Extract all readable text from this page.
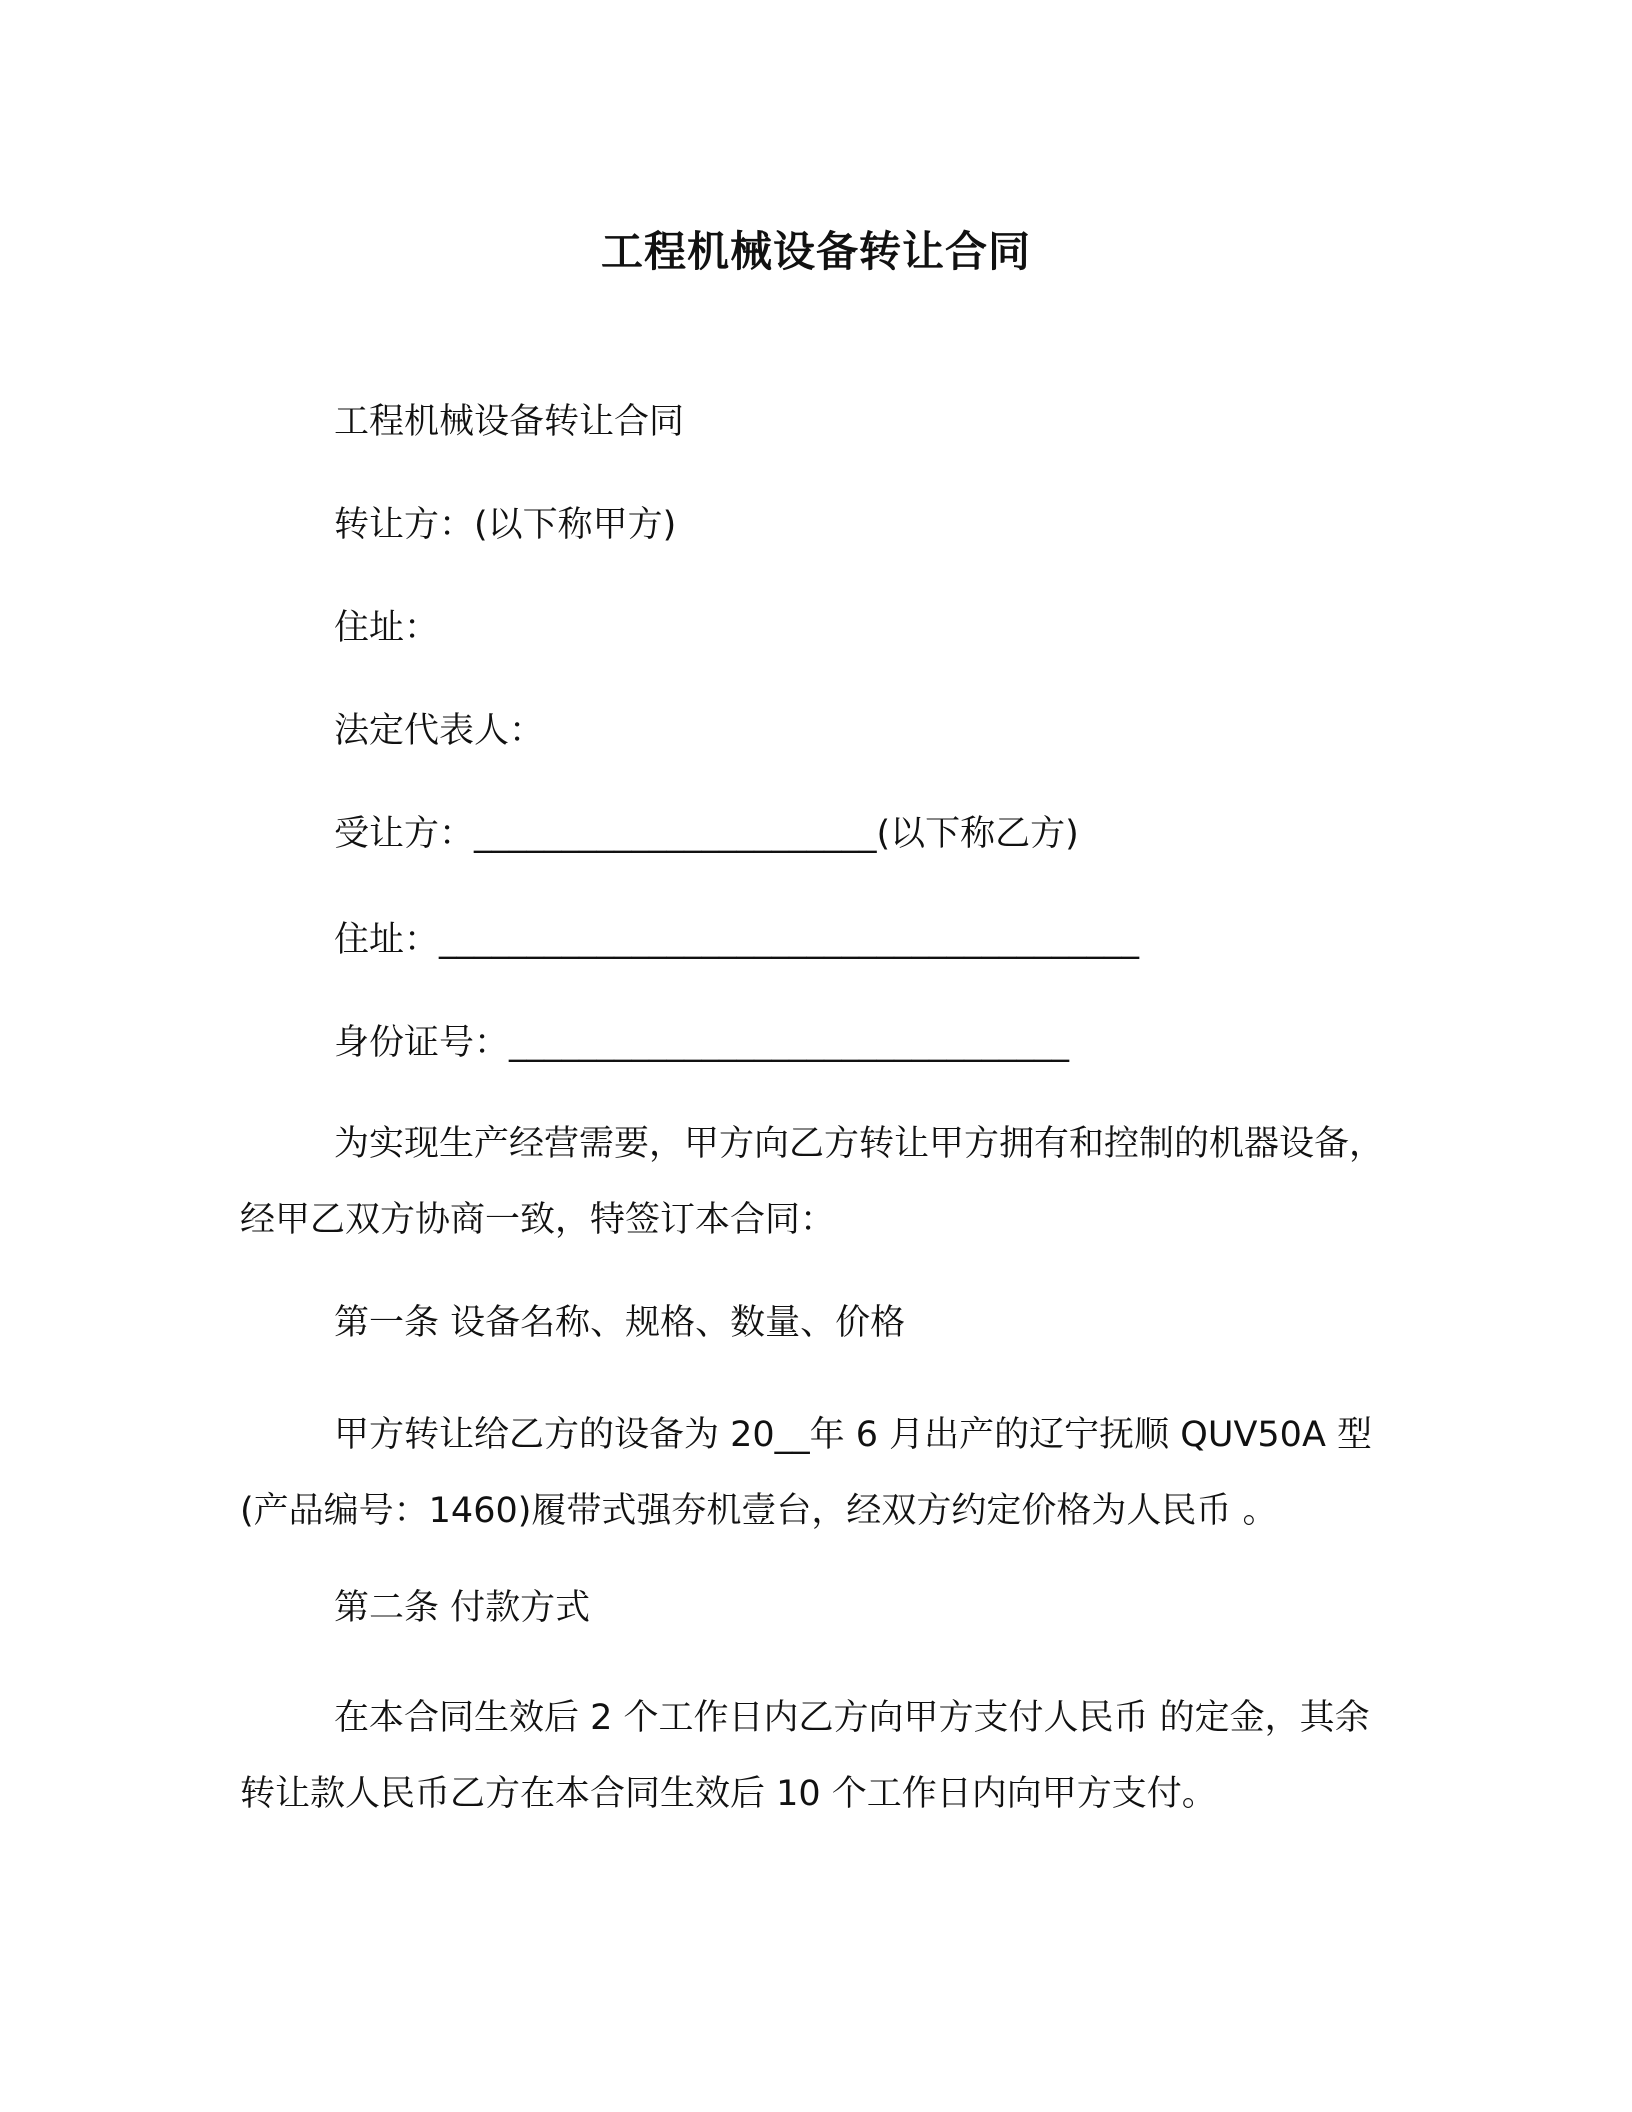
工程机械设备转让合同
工程机械设备转让合同
转让方：(以下称甲方)
住址：
法定代表人：
受让方：_______________________(以下称乙方)
住址：________________________________________
身份证号：________________________________
为实现生产经营需要，甲方向乙方转让甲方拥有和控制的机器设备，经甲乙双方协商一致，特签订本合同：
第一条 设备名称、规格、数量、价格
甲方转让给乙方的设备为 20__年 6 月出产的辽宁抚顺 QUV50A 型(产品编号：1460)履带式强夯机壹台，经双方约定价格为人民币 。
第二条 付款方式
在本合同生效后 2 个工作日内乙方向甲方支付人民币 的定金，其余转让款人民币乙方在本合同生效后 10 个工作日内向甲方支付。
